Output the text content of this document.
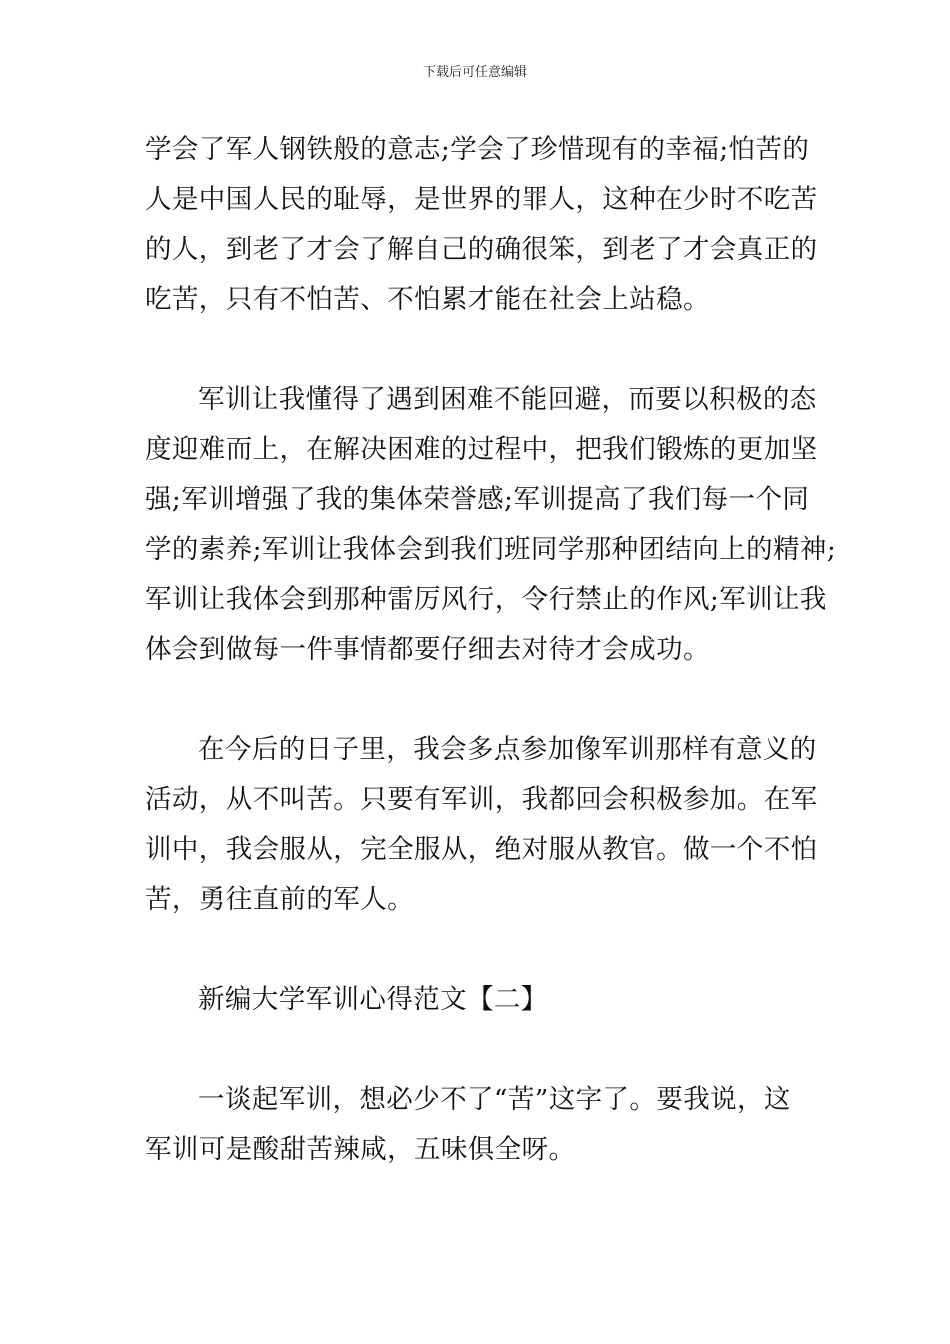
下载后可任意编辑
学会了军人钢铁般的意志;学会了珍惜现有的幸福;怕苦的
人是中国人民的耻辱，是世界的罪人，这种在少时不吃苦
的人，到老了才会了解自己的确很笨，到老了才会真正的
吃苦，只有不怕苦、不怕累才能在社会上站稳。
军训让我懂得了遇到困难不能回避，而要以积极的态
度迎难而上，在解决困难的过程中，把我们锻炼的更加坚
强;军训增强了我的集体荣誉感;军训提高了我们每一个同
学的素养;军训让我体会到我们班同学那种团结向上的精神;
军训让我体会到那种雷厉风行，令行禁止的作风;军训让我
体会到做每一件事情都要仔细去对待才会成功。
在今后的日子里，我会多点参加像军训那样有意义的
活动，从不叫苦。只要有军训，我都回会积极参加。在军
训中，我会服从，完全服从，绝对服从教官。做一个不怕
苦，勇往直前的军人。
新编大学军训心得范文【二】
一谈起军训，想必少不了“苦”这字了。要我说，这
军训可是酸甜苦辣咸，五味俱全呀。
